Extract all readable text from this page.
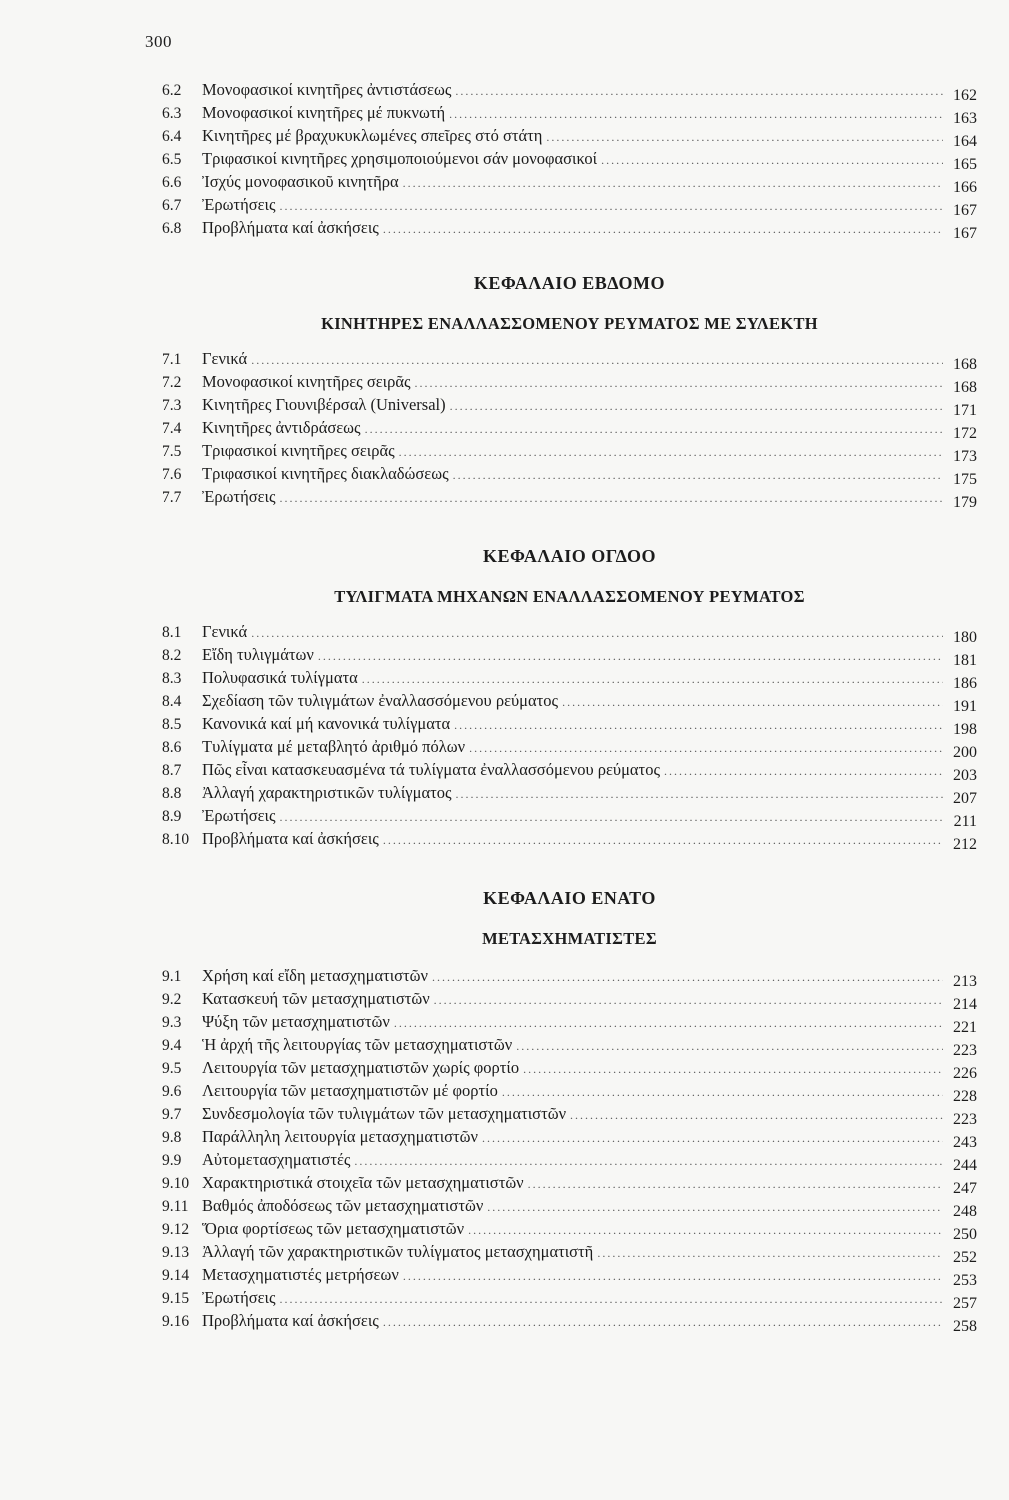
300
6.2	Μονοφασικοί κινητῆρες ἀντιστάσεως .....	162
6.3	Μονοφασικοί κινητῆρες μέ πυκνωτή .....	163
6.4	Κινητῆρες μέ βραχυκυκλωμένες σπεῖρες στό στάτη .....	164
6.5	Τριφασικοί κινητῆρες χρησιμοποιούμενοι σάν μονοφασικοί .....	165
6.6	Ἰσχύς μονοφασικοῦ κινητῆρα .....	166
6.7	Ἐρωτήσεις .....	167
6.8	Προβλήματα καί ἀσκήσεις .....	167
ΚΕΦΑΛΑΙΟ ΕΒΔΟΜΟ
ΚΙΝΗΤΗΡΕΣ ΕΝΑΛΛΑΣΣΟΜΕΝΟΥ ΡΕΥΜΑΤΟΣ ΜΕ ΣΥΛΕΚΤΗ
7.1	Γενικά .....	168
7.2	Μονοφασικοί κινητῆρες σειρᾶς .....	168
7.3	Κινητῆρες Γιουνιβέρσαλ (Universal) .....	171
7.4	Κινητῆρες ἀντιδράσεως .....	172
7.5	Τριφασικοί κινητῆρες σειρᾶς .....	173
7.6	Τριφασικοί κινητῆρες διακλαδώσεως .....	175
7.7	Ἐρωτήσεις .....	179
ΚΕΦΑΛΑΙΟ ΟΓΔΟΟ
ΤΥΛΙΓΜΑΤΑ ΜΗΧΑΝΩΝ ΕΝΑΛΛΑΣΣΟΜΕΝΟΥ ΡΕΥΜΑΤΟΣ
8.1	Γενικά .....	180
8.2	Εἴδη τυλιγμάτων .....	181
8.3	Πολυφασικά τυλίγματα .....	186
8.4	Σχεδίαση τῶν τυλιγμάτων ἐναλλασσόμενου ρεύματος .....	191
8.5	Κανονικά καί μή κανονικά τυλίγματα .....	198
8.6	Τυλίγματα μέ μεταβλητό ἀριθμό πόλων .....	200
8.7	Πῶς εἶναι κατασκευασμένα τά τυλίγματα ἐναλλασσόμενου ρεύματος .....	203
8.8	Ἀλλαγή χαρακτηριστικῶν τυλίγματος .....	207
8.9	Ἐρωτήσεις .....	211
8.10 Προβλήματα καί ἀσκήσεις .....	212
ΚΕΦΑΛΑΙΟ ΕΝΑΤΟ
ΜΕΤΑΣΧΗΜΑΤΙΣΤΕΣ
9.1	Χρήση καί εἴδη μετασχηματιστῶν .....	213
9.2	Κατασκευή τῶν μετασχηματιστῶν .....	214
9.3	Ψύξη τῶν μετασχηματιστῶν .....	221
9.4	Ἡ ἀρχή τῆς λειτουργίας τῶν μετασχηματιστῶν .....	223
9.5	Λειτουργία τῶν μετασχηματιστῶν χωρίς φορτίο .....	226
9.6	Λειτουργία τῶν μετασχηματιστῶν μέ φορτίο .....	228
9.7	Συνδεσμολογία τῶν τυλιγμάτων τῶν μετασχηματιστῶν .....	223
9.8	Παράλληλη λειτουργία μετασχηματιστῶν .....	243
9.9	Αὐτομετασχηματιστές .....	244
9.10 Χαρακτηριστικά στοιχεῖα τῶν μετασχηματιστῶν .....	247
9.11 Βαθμός ἀποδόσεως τῶν μετασχηματιστῶν .....	248
9.12 Ὅρια φορτίσεως τῶν μετασχηματιστῶν .....	250
9.13 Ἀλλαγή τῶν χαρακτηριστικῶν τυλίγματος μετασχηματιστῆ .....	252
9.14 Μετασχηματιστές μετρήσεων .....	253
9.15 Ἐρωτήσεις .....	257
9.16 Προβλήματα καί ἀσκήσεις .....	258
